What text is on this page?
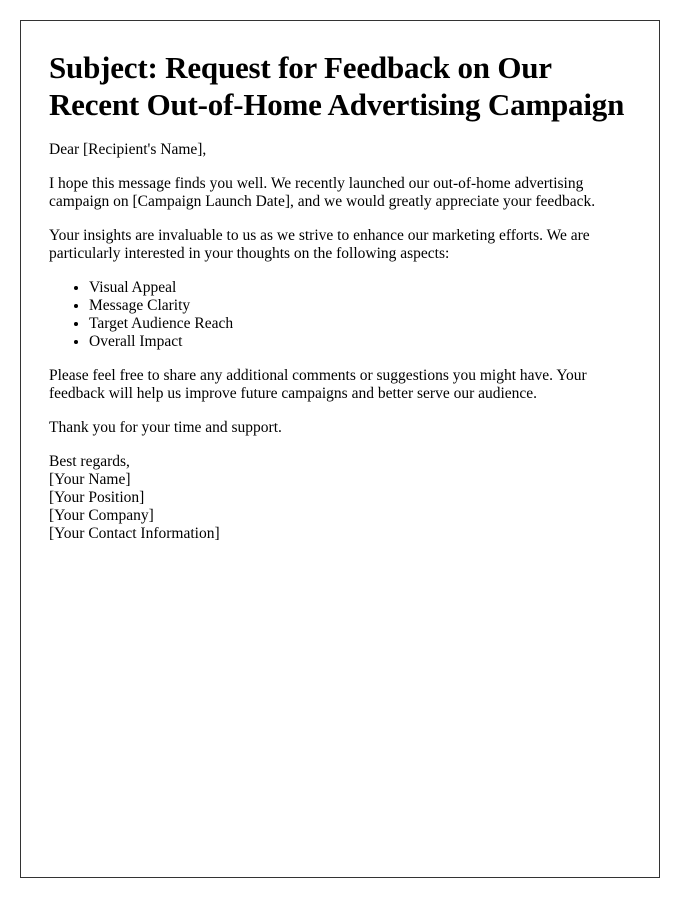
Subject: Request for Feedback on Our Recent Out-of-Home Advertising Campaign

Dear [Recipient's Name],

I hope this message finds you well. We recently launched our out-of-home advertising campaign on [Campaign Launch Date], and we would greatly appreciate your feedback.

Your insights are invaluable to us as we strive to enhance our marketing efforts. We are particularly interested in your thoughts on the following aspects:

• Visual Appeal
• Message Clarity
• Target Audience Reach
• Overall Impact

Please feel free to share any additional comments or suggestions you might have. Your feedback will help us improve future campaigns and better serve our audience.

Thank you for your time and support.

Best regards,
[Your Name]
[Your Position]
[Your Company]
[Your Contact Information]
